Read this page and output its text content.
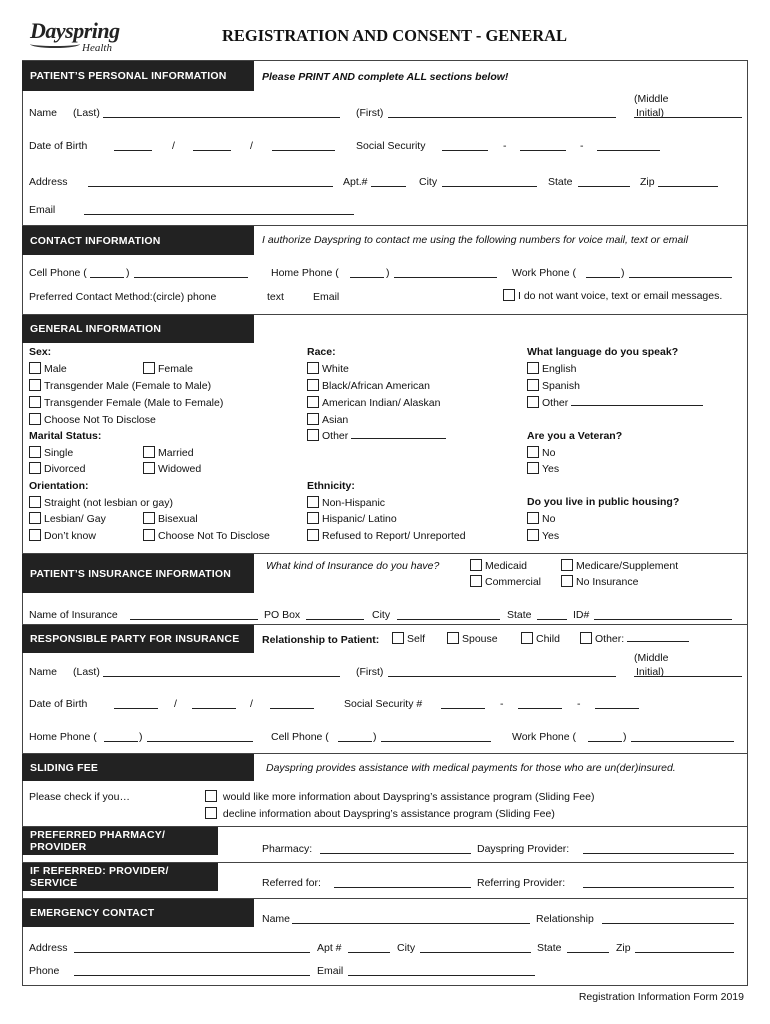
Dayspring
Health
REGISTRATION AND CONSENT - GENERAL
PATIENT’S PERSONAL INFORMATION	Please PRINT AND complete ALL sections below!
Name (Last)	(First)
(Middle
Initial)
Date of Birth	/	/	Social Security	-	-
Address	Apt.#	City	State	Zip
Email
CONTACT INFORMATION	I authorize Dayspring to contact me using the following numbers for voice mail, text or email
Cell Phone (	)	Home Phone (	)	Work Phone (	)
Preferred Contact Method:(circle) phone	text	Email	I do not want voice, text or email messages.
GENERAL INFORMATION
Sex:
Male	Female
Transgender Male (Female to Male)
Transgender Female (Male to Female)
Choose Not To Disclose
Marital Status:
Single	Married
Divorced	Widowed
Orientation:
Straight (not lesbian or gay)
Lesbian/ Gay	Bisexual
Don’t know	Choose Not To Disclose
Race:
White
Black/African American
American Indian/ Alaskan
Asian
Other
Ethnicity:
Non-Hispanic
Hispanic/ Latino
Refused to Report/ Unreported
What language do you speak?
English
Spanish
Other
Are you a Veteran?
No
Yes
Do you live in public housing?
No
Yes
PATIENT’S INSURANCE INFORMATION
What kind of Insurance do you have?	Medicaid	Medicare/Supplement
Commercial	No Insurance
Name of Insurance	PO Box	City	State	ID#
RESPONSIBLE PARTY FOR INSURANCE	Relationship to Patient:	Self	Spouse	Child	Other:
Name (Last)	(First)
(Middle
Initial)
Date of Birth	/	/	Social Security #	-	-
Home Phone (	)	Cell Phone (	)	Work Phone (	)
SLIDING FEE	Dayspring provides assistance with medical payments for those who are un(der)insured.
Please check if you…	would like more information about Dayspring’s assistance program (Sliding Fee)
decline information about Dayspring’s assistance program (Sliding Fee)
PREFERRED PHARMACY/ PROVIDER	Pharmacy:	Dayspring Provider:
IF REFERRED: PROVIDER/ SERVICE	Referred for:	Referring Provider:
EMERGENCY CONTACT	Name	Relationship
Address	Apt #	City	State	Zip
Phone	Email
Registration Information Form 2019
